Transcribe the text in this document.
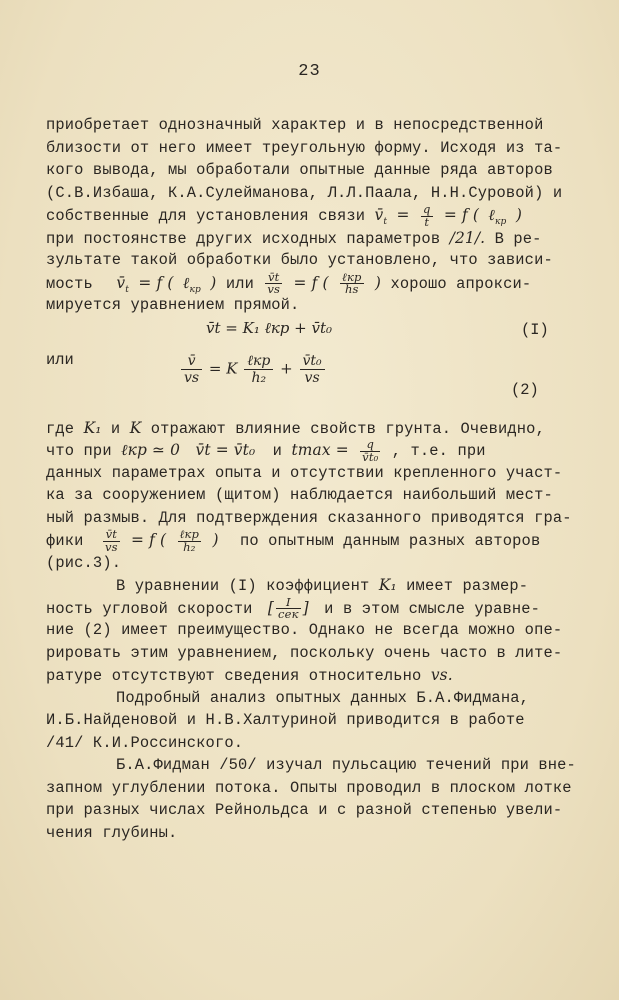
23

приобретает однозначный характер и в непосредственной

близости от него имеет треугольную форму. Исходя из та-

кого вывода, мы обработали опытные данные ряда авторов

(С.В.Избаша, К.А.Сулейманова, Л.Л.Паала, Н.Н.Суровой) и

собственные для установления связи $v̄_t = \frac{q}{t} = f$ ( ℓ$_{кр}$ )
при постоянстве других исходных параметров /21/. В ре-

зультате такой обработки было установлено, что зависи-

мость $v̄_t = f$ ( ℓ$_{кр}$ ) или $\frac{v̄t}{vs} = f$ ( $\frac{\text{ℓкр}}{hs}$ ) хорошо апрокси-

мируется уравнением прямой.

v̄t = K₁ ℓкр + v̄t₀	(I)
или	$\frac{v̄}{vs} = K \frac{\text{ℓкр}}{\text{h₂}} + \frac{\text{v̄t₀}}{vs}$
(2)
где K₁ и K отражают влияние свойств грунта. Очевидно,
что при ℓкр ≃ 0 v̄t = v̄t₀ и $tmax = \frac{q}{\text{v̄t₀}}$ , т.е. при

данных параметрах опыта и отсутствии крепленного участ-

ка за сооружением (щитом) наблюдается наибольший мест-

ный размыв. Для подтверждения сказанного приводятся гра-

фики $\frac{v̄t}{vs} = f$ ( $\frac{\text{ℓкр}}{\text{h₂}}$ ) по опытным данным разных авторов

(рис.3).

В уравнении (I) коэффициент K₁ имеет размер-
ность угловой скорости [ $\frac{I}{\text{сек}}$ ] и в этом смысле уравне-

ние (2) имеет преимущество. Однако не всегда можно опе-

рировать этим уравнением, поскольку очень часто в лите-

ратуре отсутствуют сведения относительно vs.

Подробный анализ опытных данных Б.А.Фидмана,

И.Б.Найденовой и Н.В.Халтуриной приводится в работе

/41/ К.И.Россинского.

Б.А.Фидман /50/ изучал пульсацию течений при вне-

запном углублении потока. Опыты проводил в плоском лотке

при разных числах Рейнольдса и с разной степенью увели-

чения глубины.
